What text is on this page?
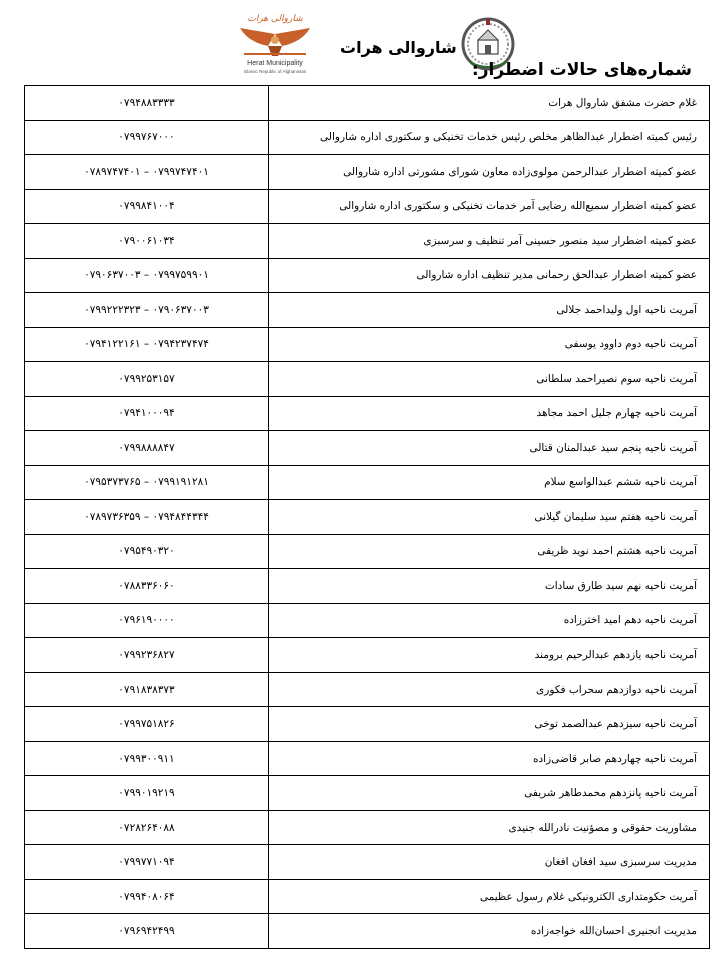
شماره‌های حالات اضطرار:
شاروالی هرات
شاروالی هرات
Herat Municipality
Islamic Republic of Afghanistan
۰۷۹۴۸۸۳۳۳۳	غلام حضرت مشفق شاروال هرات
۰۷۹۹۷۶۷۰۰۰	رئیس کمیته اضطرار عبدالظاهر مخلص رئیس خدمات تخنیکی و سکتوری اداره شاروالی
۰۷۹۹۷۴۷۴۰۱ – ۰۷۸۹۷۴۷۴۰۱	عضو کمیته اضطرار عبدالرحمن مولوی‌زاده معاون شورای مشورتی اداره شاروالی
۰۷۹۹۸۴۱۰۰۴	عضو کمیته اضطرار سمیع‌الله رضایی آمر خدمات تخنیکی و سکتوری اداره شاروالی
۰۷۹۰۰۶۱۰۳۴	عضو کمیته اضطرار سید منصور حسینی آمر تنظیف و سرسبزی
۰۷۹۹۷۵۹۹۰۱ – ۰۷۹۰۶۳۷۰۰۳	عضو کمیته اضطرار عبدالحق رحمانی مدیر تنظیف اداره شاروالی
۰۷۹۰۶۳۷۰۰۳ – ۰۷۹۹۲۲۲۳۲۳	آمریت ناحیه اول ولیداحمد جلالی
۰۷۹۴۲۳۷۴۷۴ – ۰۷۹۴۱۲۲۱۶۱	آمریت ناحیه دوم داوود یوسفی
۰۷۹۹۲۵۳۱۵۷	آمریت ناحیه سوم نصیراحمد سلطانی
۰۷۹۴۱۰۰۰۹۴	آمریت ناحیه چهارم جلیل احمد مجاهد
۰۷۹۹۸۸۸۸۴۷	آمریت ناحیه پنجم سید عبدالمنان قتالی
۰۷۹۹۱۹۱۲۸۱ – ۰۷۹۵۳۷۳۷۶۵	آمریت ناحیه ششم عبدالواسع سلام
۰۷۹۴۸۴۴۳۴۴ – ۰۷۸۹۷۳۶۳۵۹	آمریت ناحیه هفتم سید سلیمان گیلانی
۰۷۹۵۴۹۰۳۲۰	آمریت ناحیه هشتم احمد نوید ظریفی
۰۷۸۸۳۳۶۰۶۰	آمریت ناحیه نهم سید طارق سادات
۰۷۹۶۱۹۰۰۰۰	آمریت ناحیه دهم امید اخترزاده
۰۷۹۹۲۳۶۸۲۷	آمریت ناحیه یازدهم عبدالرحیم برومند
۰۷۹۱۸۳۸۳۷۳	آمریت ناحیه دوازدهم سحراب فکوری
۰۷۹۹۷۵۱۸۲۶	آمریت ناحیه سیزدهم عبدالصمد توخی
۰۷۹۹۳۰۰۹۱۱	آمریت ناحیه چهاردهم صابر قاضی‌زاده
۰۷۹۹۰۱۹۲۱۹	آمریت ناحیه پانزدهم محمدطاهر شریفی
۰۷۲۸۲۶۴۰۸۸	مشاوریت حقوقی و مصؤنیت نادرالله جنیدی
۰۷۹۹۷۷۱۰۹۴	مدیریت سرسبزی سید افغان افغان
۰۷۹۹۴۰۸۰۶۴	آمریت حکومتداری الکترونیکی غلام رسول عظیمی
۰۷۹۶۹۴۲۴۹۹	مدیریت انجنیری احسان‌الله خواجه‌زاده
